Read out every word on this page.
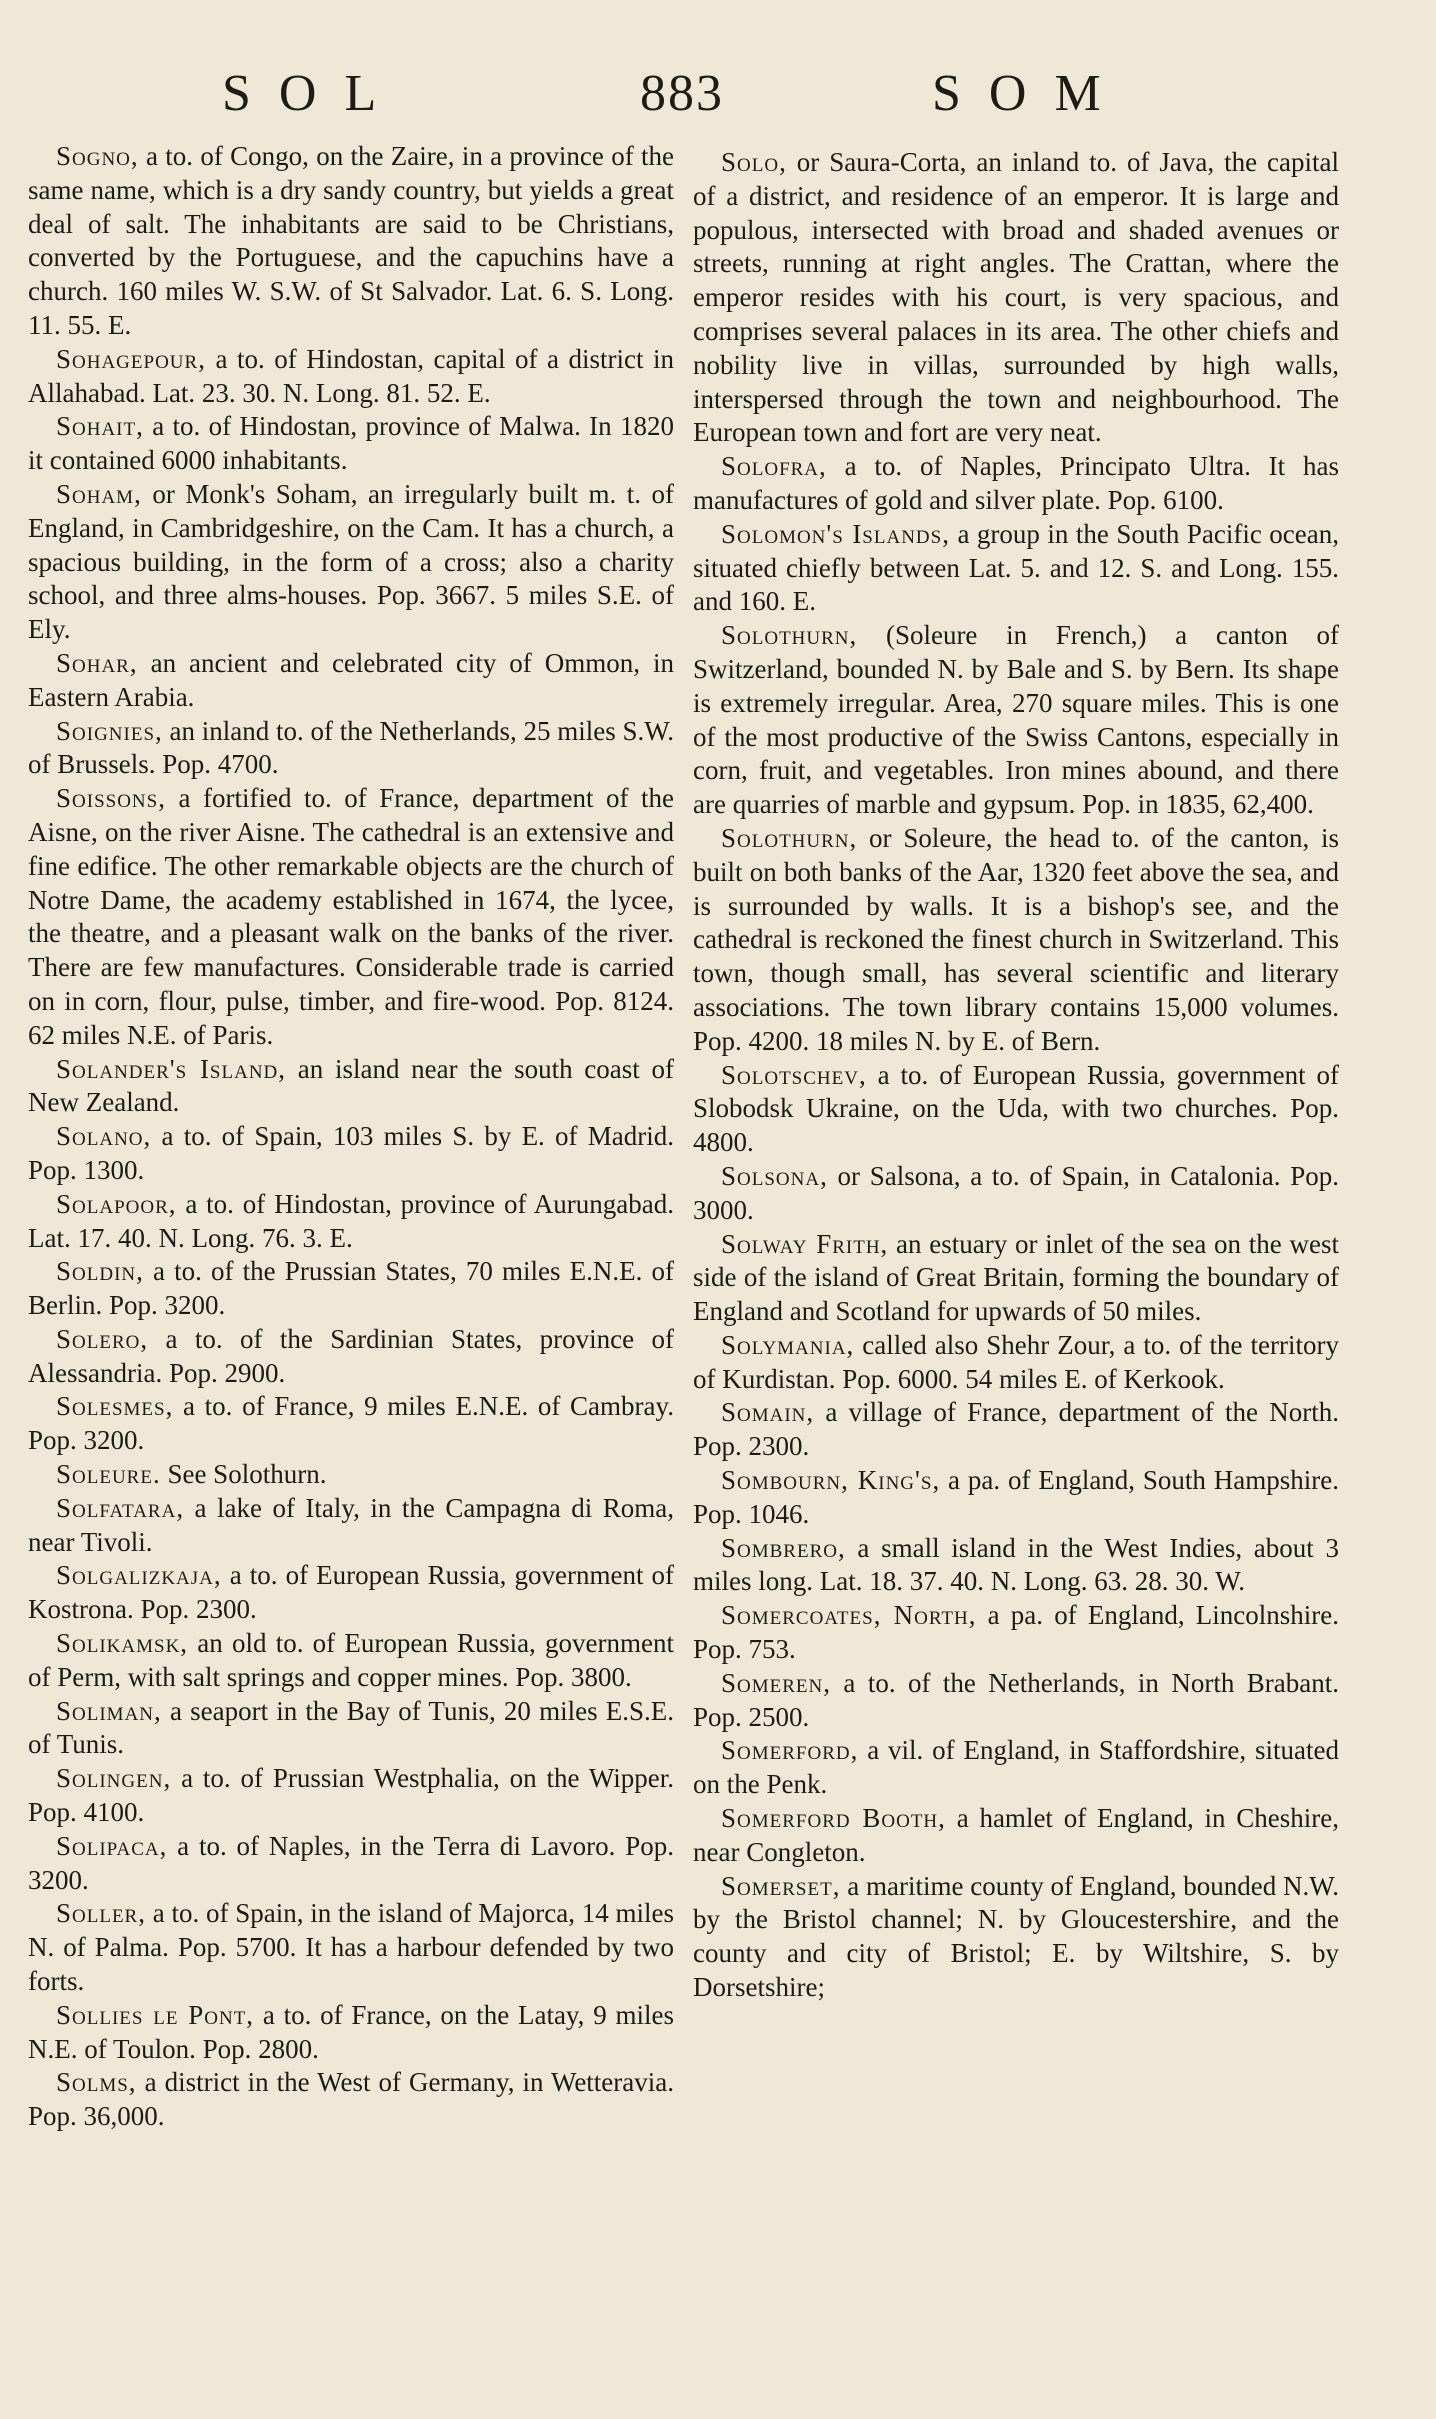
SOL	883	SOM

Sogno, a to. of Congo, on the Zaire, in a province of the same name, which is a dry sandy country, but yields a great deal of salt. The inhabitants are said to be Christians, converted by the Portuguese, and the capuchins have a church. 160 miles W. S.W. of St Salvador. Lat. 6. S. Long. 11. 55. E.

Sohagepour, a to. of Hindostan, capital of a district in Allahabad. Lat. 23. 30. N. Long. 81. 52. E.

Sohait, a to. of Hindostan, province of Malwa. In 1820 it contained 6000 inhabitants.

Soham, or Monk's Soham, an irregularly built m. t. of England, in Cambridgeshire, on the Cam. It has a church, a spacious building, in the form of a cross; also a charity school, and three alms-houses. Pop. 3667. 5 miles S.E. of Ely.

Sohar, an ancient and celebrated city of Ommon, in Eastern Arabia.

Soignies, an inland to. of the Netherlands, 25 miles S.W. of Brussels. Pop. 4700.

Soissons, a fortified to. of France, department of the Aisne, on the river Aisne. The cathedral is an extensive and fine edifice. The other remarkable objects are the church of Notre Dame, the academy established in 1674, the lycee, the theatre, and a pleasant walk on the banks of the river. There are few manufactures. Considerable trade is carried on in corn, flour, pulse, timber, and fire-wood. Pop. 8124. 62 miles N.E. of Paris.

Solander's Island, an island near the south coast of New Zealand.

Solano, a to. of Spain, 103 miles S. by E. of Madrid. Pop. 1300.

Solapoor, a to. of Hindostan, province of Aurungabad. Lat. 17. 40. N. Long. 76. 3. E.

Soldin, a to. of the Prussian States, 70 miles E.N.E. of Berlin. Pop. 3200.

Solero, a to. of the Sardinian States, province of Alessandria. Pop. 2900.

Solesmes, a to. of France, 9 miles E.N.E. of Cambray. Pop. 3200.

Soleure. See Solothurn.

Solfatara, a lake of Italy, in the Campagna di Roma, near Tivoli.

Solgalizkaja, a to. of European Russia, government of Kostrona. Pop. 2300.

Solikamsk, an old to. of European Russia, government of Perm, with salt springs and copper mines. Pop. 3800.

Soliman, a seaport in the Bay of Tunis, 20 miles E.S.E. of Tunis.

Solingen, a to. of Prussian Westphalia, on the Wipper. Pop. 4100.

Solipaca, a to. of Naples, in the Terra di Lavoro. Pop. 3200.

Soller, a to. of Spain, in the island of Majorca, 14 miles N. of Palma. Pop. 5700. It has a harbour defended by two forts.

Sollies le Pont, a to. of France, on the Latay, 9 miles N.E. of Toulon. Pop. 2800.

Solms, a district in the West of Germany, in Wetteravia. Pop. 36,000.

Solo, or Saura-Corta, an inland to. of Java, the capital of a district, and residence of an emperor. It is large and populous, intersected with broad and shaded avenues or streets, running at right angles. The Crattan, where the emperor resides with his court, is very spacious, and comprises several palaces in its area. The other chiefs and nobility live in villas, surrounded by high walls, interspersed through the town and neighbourhood. The European town and fort are very neat.

Solofra, a to. of Naples, Principato Ultra. It has manufactures of gold and silver plate. Pop. 6100.

Solomon's Islands, a group in the South Pacific ocean, situated chiefly between Lat. 5. and 12. S. and Long. 155. and 160. E.

Solothurn, (Soleure in French,) a canton of Switzerland, bounded N. by Bale and S. by Bern. Its shape is extremely irregular. Area, 270 square miles. This is one of the most productive of the Swiss Cantons, especially in corn, fruit, and vegetables. Iron mines abound, and there are quarries of marble and gypsum. Pop. in 1835, 62,400.

Solothurn, or Soleure, the head to. of the canton, is built on both banks of the Aar, 1320 feet above the sea, and is surrounded by walls. It is a bishop's see, and the cathedral is reckoned the finest church in Switzerland. This town, though small, has several scientific and literary associations. The town library contains 15,000 volumes. Pop. 4200. 18 miles N. by E. of Bern.

Solotschev, a to. of European Russia, government of Slobodsk Ukraine, on the Uda, with two churches. Pop. 4800.

Solsona, or Salsona, a to. of Spain, in Catalonia. Pop. 3000.

Solway Frith, an estuary or inlet of the sea on the west side of the island of Great Britain, forming the boundary of England and Scotland for upwards of 50 miles.

Solymania, called also Shehr Zour, a to. of the territory of Kurdistan. Pop. 6000. 54 miles E. of Kerkook.

Somain, a village of France, department of the North. Pop. 2300.

Sombourn, King's, a pa. of England, South Hampshire. Pop. 1046.

Sombrero, a small island in the West Indies, about 3 miles long. Lat. 18. 37. 40. N. Long. 63. 28. 30. W.

Somercoates, North, a pa. of England, Lincolnshire. Pop. 753.

Someren, a to. of the Netherlands, in North Brabant. Pop. 2500.

Somerford, a vil. of England, in Staffordshire, situated on the Penk.

Somerford Booth, a hamlet of England, in Cheshire, near Congleton.

Somerset, a maritime county of England, bounded N.W. by the Bristol channel; N. by Gloucestershire, and the county and city of Bristol; E. by Wiltshire, S. by Dorsetshire;
